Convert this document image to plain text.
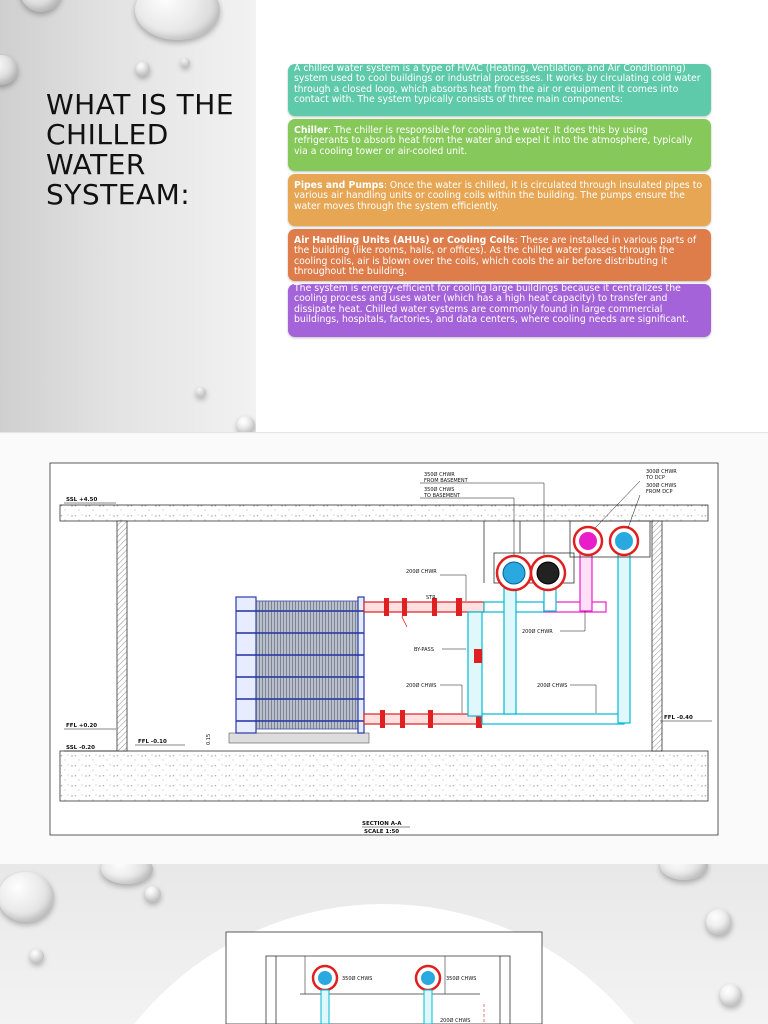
WHAT IS THE CHILLED WATER SYSTEAM:
A chilled water system is a type of HVAC (Heating, Ventilation, and Air Conditioning) system used to cool buildings or industrial processes. It works by circulating cold water through a closed loop, which absorbs heat from the air or equipment it comes into contact with. The system typically consists of three main components:
Chiller: The chiller is responsible for cooling the water. It does this by using refrigerants to absorb heat from the water and expel it into the atmosphere, typically via a cooling tower or air-cooled unit.
Pipes and Pumps: Once the water is chilled, it is circulated through insulated pipes to various air handling units or cooling coils within the building. The pumps ensure the water moves through the system efficiently.
Air Handling Units (AHUs) or Cooling Coils: These are installed in various parts of the building (like rooms, halls, or offices). As the chilled water passes through the cooling coils, air is blown over the coils, which cools the air before distributing it throughout the building.
The system is energy-efficient for cooling large buildings because it centralizes the cooling process and uses water (which has a high heat capacity) to transfer and dissipate heat. Chilled water systems are commonly found in large commercial buildings, hospitals, factories, and data centers, where cooling needs are significant.
SSL +4.50
FFL +0.20
SSL -0.20
FFL -0.10
FFL -0.40
0.15
350Ø CHWR
FROM BASEMENT
350Ø CHWS
TO BASEMENT
300Ø CHWR
TO DCP
300Ø CHWS
FROM DCP
200Ø CHWR
200Ø CHWR
BY-PASS
200Ø CHWS	200Ø CHWS
STR
SECTION A-A
SCALE 1:50
350Ø CHWS	350Ø CHWS
200Ø CHWS
